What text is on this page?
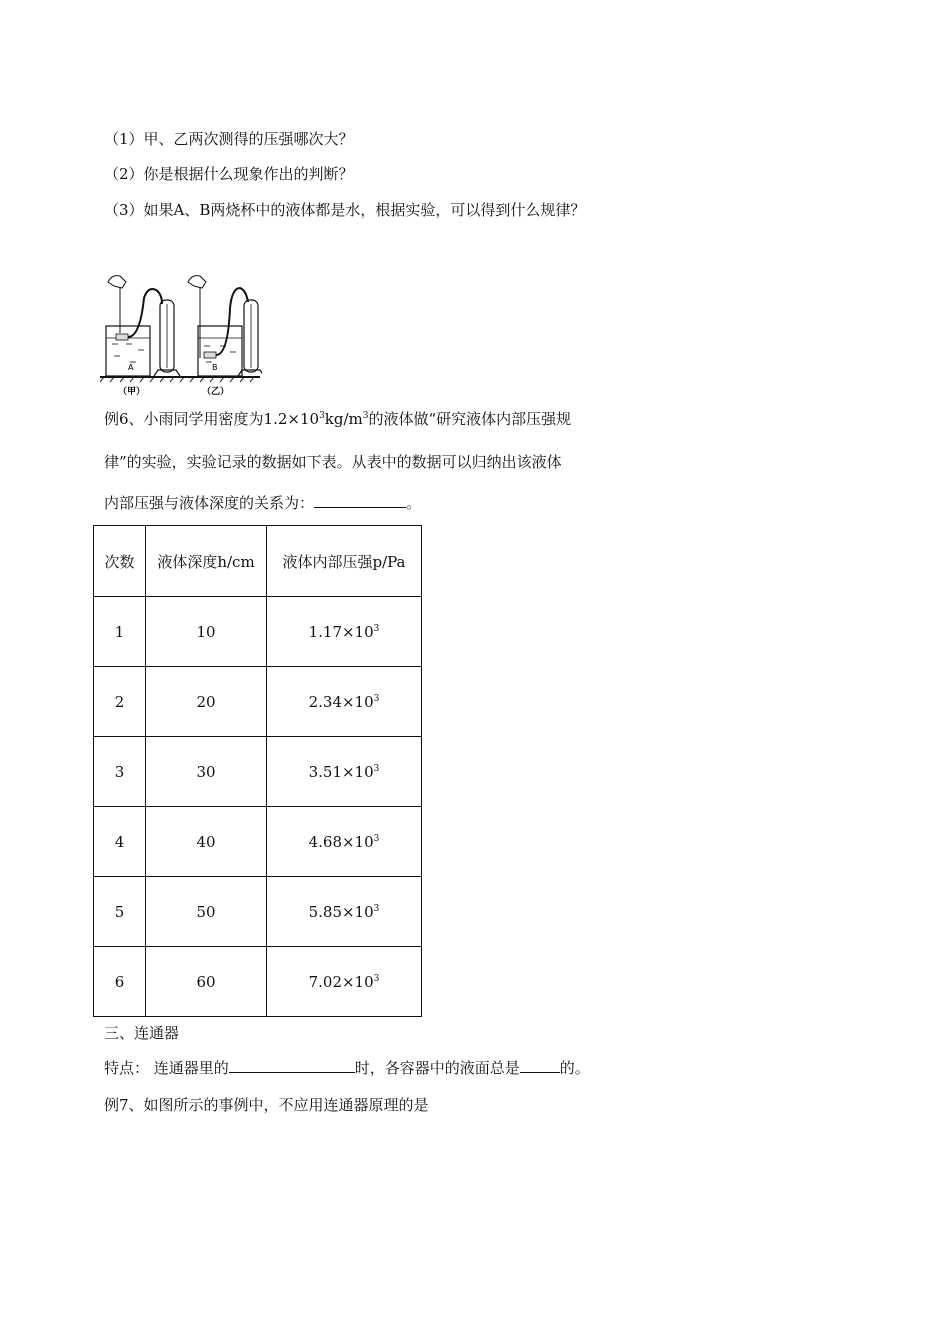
（1）甲、乙两次测得的压强哪次大？
（2）你是根据什么现象作出的判断？
（3）如果A、B两烧杯中的液体都是水，根据实验，可以得到什么规律？
A
（甲）
B
（乙）
例6、小雨同学用密度为$1.2\times 10^3kg/m^3$的液体做“研究液体内部压强规
律”的实验，实验记录的数据如下表。从表中的数据可以归纳出该液体
内部压强与液体深度的关系为：	。
次数	液体深度h/cm	液体内部压强p/Pa
1	10	$1.17\times 10^3$
2	20	$2.34\times 10^3$
3	30	$3.51\times 10^3$
4	40	$4.68\times 10^3$
5	50	$5.85\times 10^3$
6	60	$7.02\times 10^3$
三、连通器
特点： 连通器里的	时，各容器中的液面总是	的。
例7、如图所示的事例中，不应用连通器原理的是
